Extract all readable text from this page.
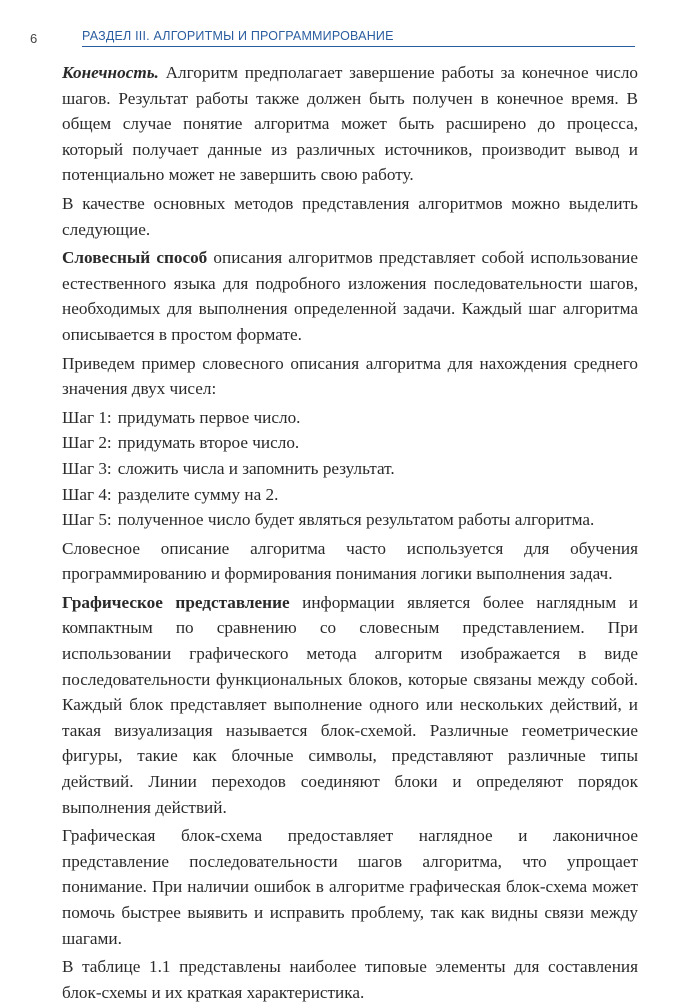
6	РАЗДЕЛ III. АЛГОРИТМЫ И ПРОГРАММИРОВАНИЕ

Конечность. Алгоритм предполагает завершение работы за конечное число шагов. Результат работы также должен быть получен в конечное время. В общем случае понятие алгоритма может быть расширено до процесса, который получает данные из различных источников, производит вывод и потенциально может не завершить свою работу.

В качестве основных методов представления алгоритмов можно выделить следующие.

Словесный способ описания алгоритмов представляет собой использование естественного языка для подробного изложения последовательности шагов, необходимых для выполнения определенной задачи. Каждый шаг алгоритма описывается в простом формате.

Приведем пример словесного описания алгоритма для нахождения среднего значения двух чисел:

Шаг 1: придумать первое число.
Шаг 2: придумать второе число.
Шаг 3: сложить числа и запомнить результат.
Шаг 4: разделите сумму на 2.
Шаг 5: полученное число будет являться результатом работы алгоритма.

Словесное описание алгоритма часто используется для обучения программированию и формирования понимания логики выполнения задач.

Графическое представление информации является более наглядным и компактным по сравнению со словесным представлением. При использовании графического метода алгоритм изображается в виде последовательности функциональных блоков, которые связаны между собой. Каждый блок представляет выполнение одного или нескольких действий, и такая визуализация называется блок-схемой. Различные геометрические фигуры, такие как блочные символы, представляют различные типы действий. Линии переходов соединяют блоки и определяют порядок выполнения действий.

Графическая блок-схема предоставляет наглядное и лаконичное представление последовательности шагов алгоритма, что упрощает понимание. При наличии ошибок в алгоритме графическая блок-схема может помочь быстрее выявить и исправить проблему, так как видны связи между шагами.

В таблице 1.1 представлены наиболее типовые элементы для составления блок-схемы и их краткая характеристика.
